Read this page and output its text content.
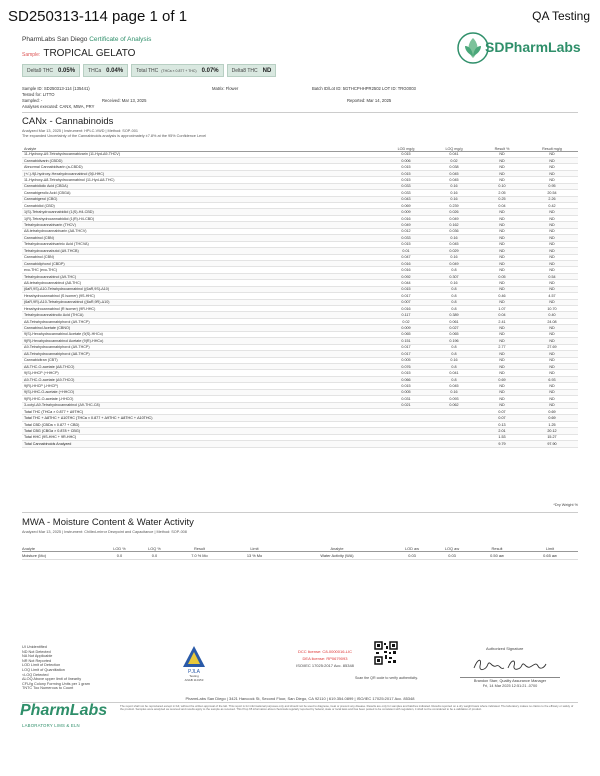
SD250313-114 page 1 of 1	QA Testing
PharmLabs San Diego Certificate of Analysis
Sample: TROPICAL GELATO
Delta9 THC 0.05%	THCa 0.04%	Total THC (THCa × 0.877 + THC) 0.07%	Delta8 THC ND
SDPharmLabs
Sample ID: SD250313-114 (135441)	Matrix: Flower	Batch ID/Lot ID: 5GTHCPHHPR2502 LOT ID: TRG0003
Tested for: LITTO
Sampled: -	Received: Mar 13, 2025	Reported: Mar 14, 2025
Analyses executed: CANX, MWA, PRY
CANx - Cannabinoids
Analyzed Mar 13, 2025 | Instrument: HPLC-VWD | Method: SOP-001
The expanded Uncertainty of the Cannabinoids analysis is approximately ±7.8% at the 95% Confidence Level
Analyte	LOD mg/g	LOQ mg/g	Result %	Result mg/g
11-Hydroxy-Δ9-Tetrahydrocannabivarin (11-Hyd-Δ9-THCV)	0.015	0.041	ND	ND
Cannabidivarin (CBDD)	0.006	0.02	ND	ND
Abnormal Cannabidivarin (a-CBDD)	0.015	0.038	ND	ND
(+/-)-9β-hydroxy-Hexahydrocannabinol (9β-HHC)	0.015	0.045	ND	ND
11-Hydroxy-Δ8-Tetrahydrocannabinol (11-Hyd-Δ8-THC)	0.015	0.045	ND	ND
Cannabidiolic Acid (CBDA)	0.033	0.16	0.10	0.95
Cannabigerolic Acid (CBGA)	0.033	0.16	2.05	20.54
Cannabigerol (CBG)	0.043	0.16	0.25	2.26
Cannabidiol (CBD)	0.069	0.239	0.04	0.42
1(S)-Tetrahydrocannabidiol (1(S)-H4-CBD)	0.009	0.026	ND	ND
1(R)-Tetrahydrocannabidiol (1(R)-H4-CBD)	0.016	0.049	ND	ND
Tetrahydrocannabivarin (THCV)	0.049	0.162	ND	ND
Δ8-tetrahydrocannabivarin (Δ8-THCV)	0.012	0.036	ND	ND
Cannabinol (CBN)	0.033	0.16	ND	ND
Tetrahydrocannabivarinic Acid (THCVA)	0.015	0.045	ND	ND
Tetrahydrocannabutol (Δ9-THCB)	0.01	0.029	ND	ND
Cannabinol (CBN)	0.047	0.16	ND	ND
Cannabidiphorol (CBDP)	0.016	0.049	ND	ND
exo-THC (exo-THC)	0.016	0.8	ND	ND
Tetrahydrocannabinol (Δ9-THC)	0.092	0.307	0.05	0.54
Δ8-tetrahydrocannabinol (Δ8-THC)	0.044	0.16	ND	ND
(6aR,9S)-Δ10-Tetrahydrocannabinol ((6aR,9S)-Δ10)	0.015	0.8	ND	ND
Hexahydrocannabinol (S isomer) (9S-HHC)	0.017	0.8	0.46	4.57
(6aR,9R)-Δ10-Tetrahydrocannabinol ((6aR,9R)-Δ10)	0.007	0.8	ND	ND
Hexahydrocannabinol (R isomer) (9R-HHC)	0.016	0.8	1.07	10.70
Tetrahydrocannabinolic Acid (THCA)	0.117	0.389	0.04	0.40
Δ8-Tetrahydrocannabiphorol (Δ9-THCP)	0.02	0.061	2.41	24.08
Cannabinol Acetate (CBNO)	0.009	0.027	ND	ND
9(S)-Hexahydrocannabinol Acetate (9(S)-HHCo)	0.065	0.065	ND	ND
9(R)-Hexahydrocannabinol Acetate (9(R)-HHCo)	0.151	0.196	ND	ND
Δ9-Tetrahydrocannabiphorol (Δ9-THCP)	0.017	0.8	2.77	27.69
Δ8-Tetrahydrocannabiphorol (Δ8-THCP)	0.017	0.8	ND	ND
Cannabicitran (CBT)	0.005	0.16	ND	ND
Δ8-THC-O-acetate (Δ8-THCO)	0.076	0.8	ND	ND
9(S)-HHCP (+HHCP)	0.015	0.041	ND	ND
Δ9-THC-O-acetate (Δ9-THCO)	0.066	0.8	0.69	6.93
9(R)-HHCP (-HHCP)	0.015	0.045	ND	ND
9(S)-HHC-O-acetate (+HHCO)	0.005	0.16	ND	ND
9(R)-HHC-O-acetate (-HHCO)	0.031	0.093	ND	ND
3-octyl-Δ9-Tetrahydrocannabinol (Δ9-THC-C8)	0.021	0.062	ND	ND
Total THC (THCa × 0.877 + Δ9THC)			0.07	0.69
Total THC + Δ8THC + Δ10THC (THCa × 0.877 + Δ9THC + Δ8THC + Δ10THC)			0.07	0.69
Total CBD (CBDa × 0.877 + CBD)			0.13	1.25
Total CBG (CBGa × 0.878 + CBG)			2.01	20.12
Total HHC (9S-HHC + 9R-HHC)			1.53	15.27
Total Cannabinoids Analyzed			9.79	97.90
*Dry Weight %
MWA - Moisture Content & Water Activity
Analyzed Mar 13, 2025 | Instrument: Chilled-mirror Dewpoint and Capacitance | Method: SOP-008
Analyte	LOD %	LOQ %	Result	Limit	Analyte	LOD aw	LOQ aw	Result	Limit
Moisture (Mo)	0.0	0.0	7.0 % Mo	13 % Mo	Water Activity (WA)	0.03	0.03	0.50 aw	0.65 aw
UI Unidentified
ND Not Detected
NA Not Applicable
NR Not Reported
LOD Limit of Detection
LOQ Limit of Quantitation
<LOQ Detected
ΔLOQ Above upper limit of linearity
CFU/g Colony Forming Units per 1 gram
TNTC Too Numerous to Count
PJLA
Testing
ANAB 110153
DCC license: C8-0000016-LIC
DEA license: RP0679093
ISO/IEC 17025:2017 Acc. 85348
Scan the QR code to verify authenticity.
Authorized Signature
Brandon Starr, Quality Assurance Manager
Fri, 14 Mar 2025 12:51:21 -0700
PharmLabs San Diego | 3421 Hancock St, Second Floor, San Diego, CA 92110 | 619.354.0899 | ISO/IEC 17025:2017 Acc. 85348
The report shall not be reproduced except in full, without the written approval of the lab. This report is for informational purposes only and should not be used to diagnose, treat or prevent any disease. Results are only for samples and batches indicated. Results reported on a dry weight basis where indicated. The laboratory makes no claims to the efficacy or safety of the product. Samples were analyzed as received and results apply to the sample as received. This Prop 65 information about chemicals regularly reported by federal, state or local laws and has been posted to be consistent with regulation, it shall not be considered to be a validation of product.
PharmLabs
LABORATORY LIMS & ELN
